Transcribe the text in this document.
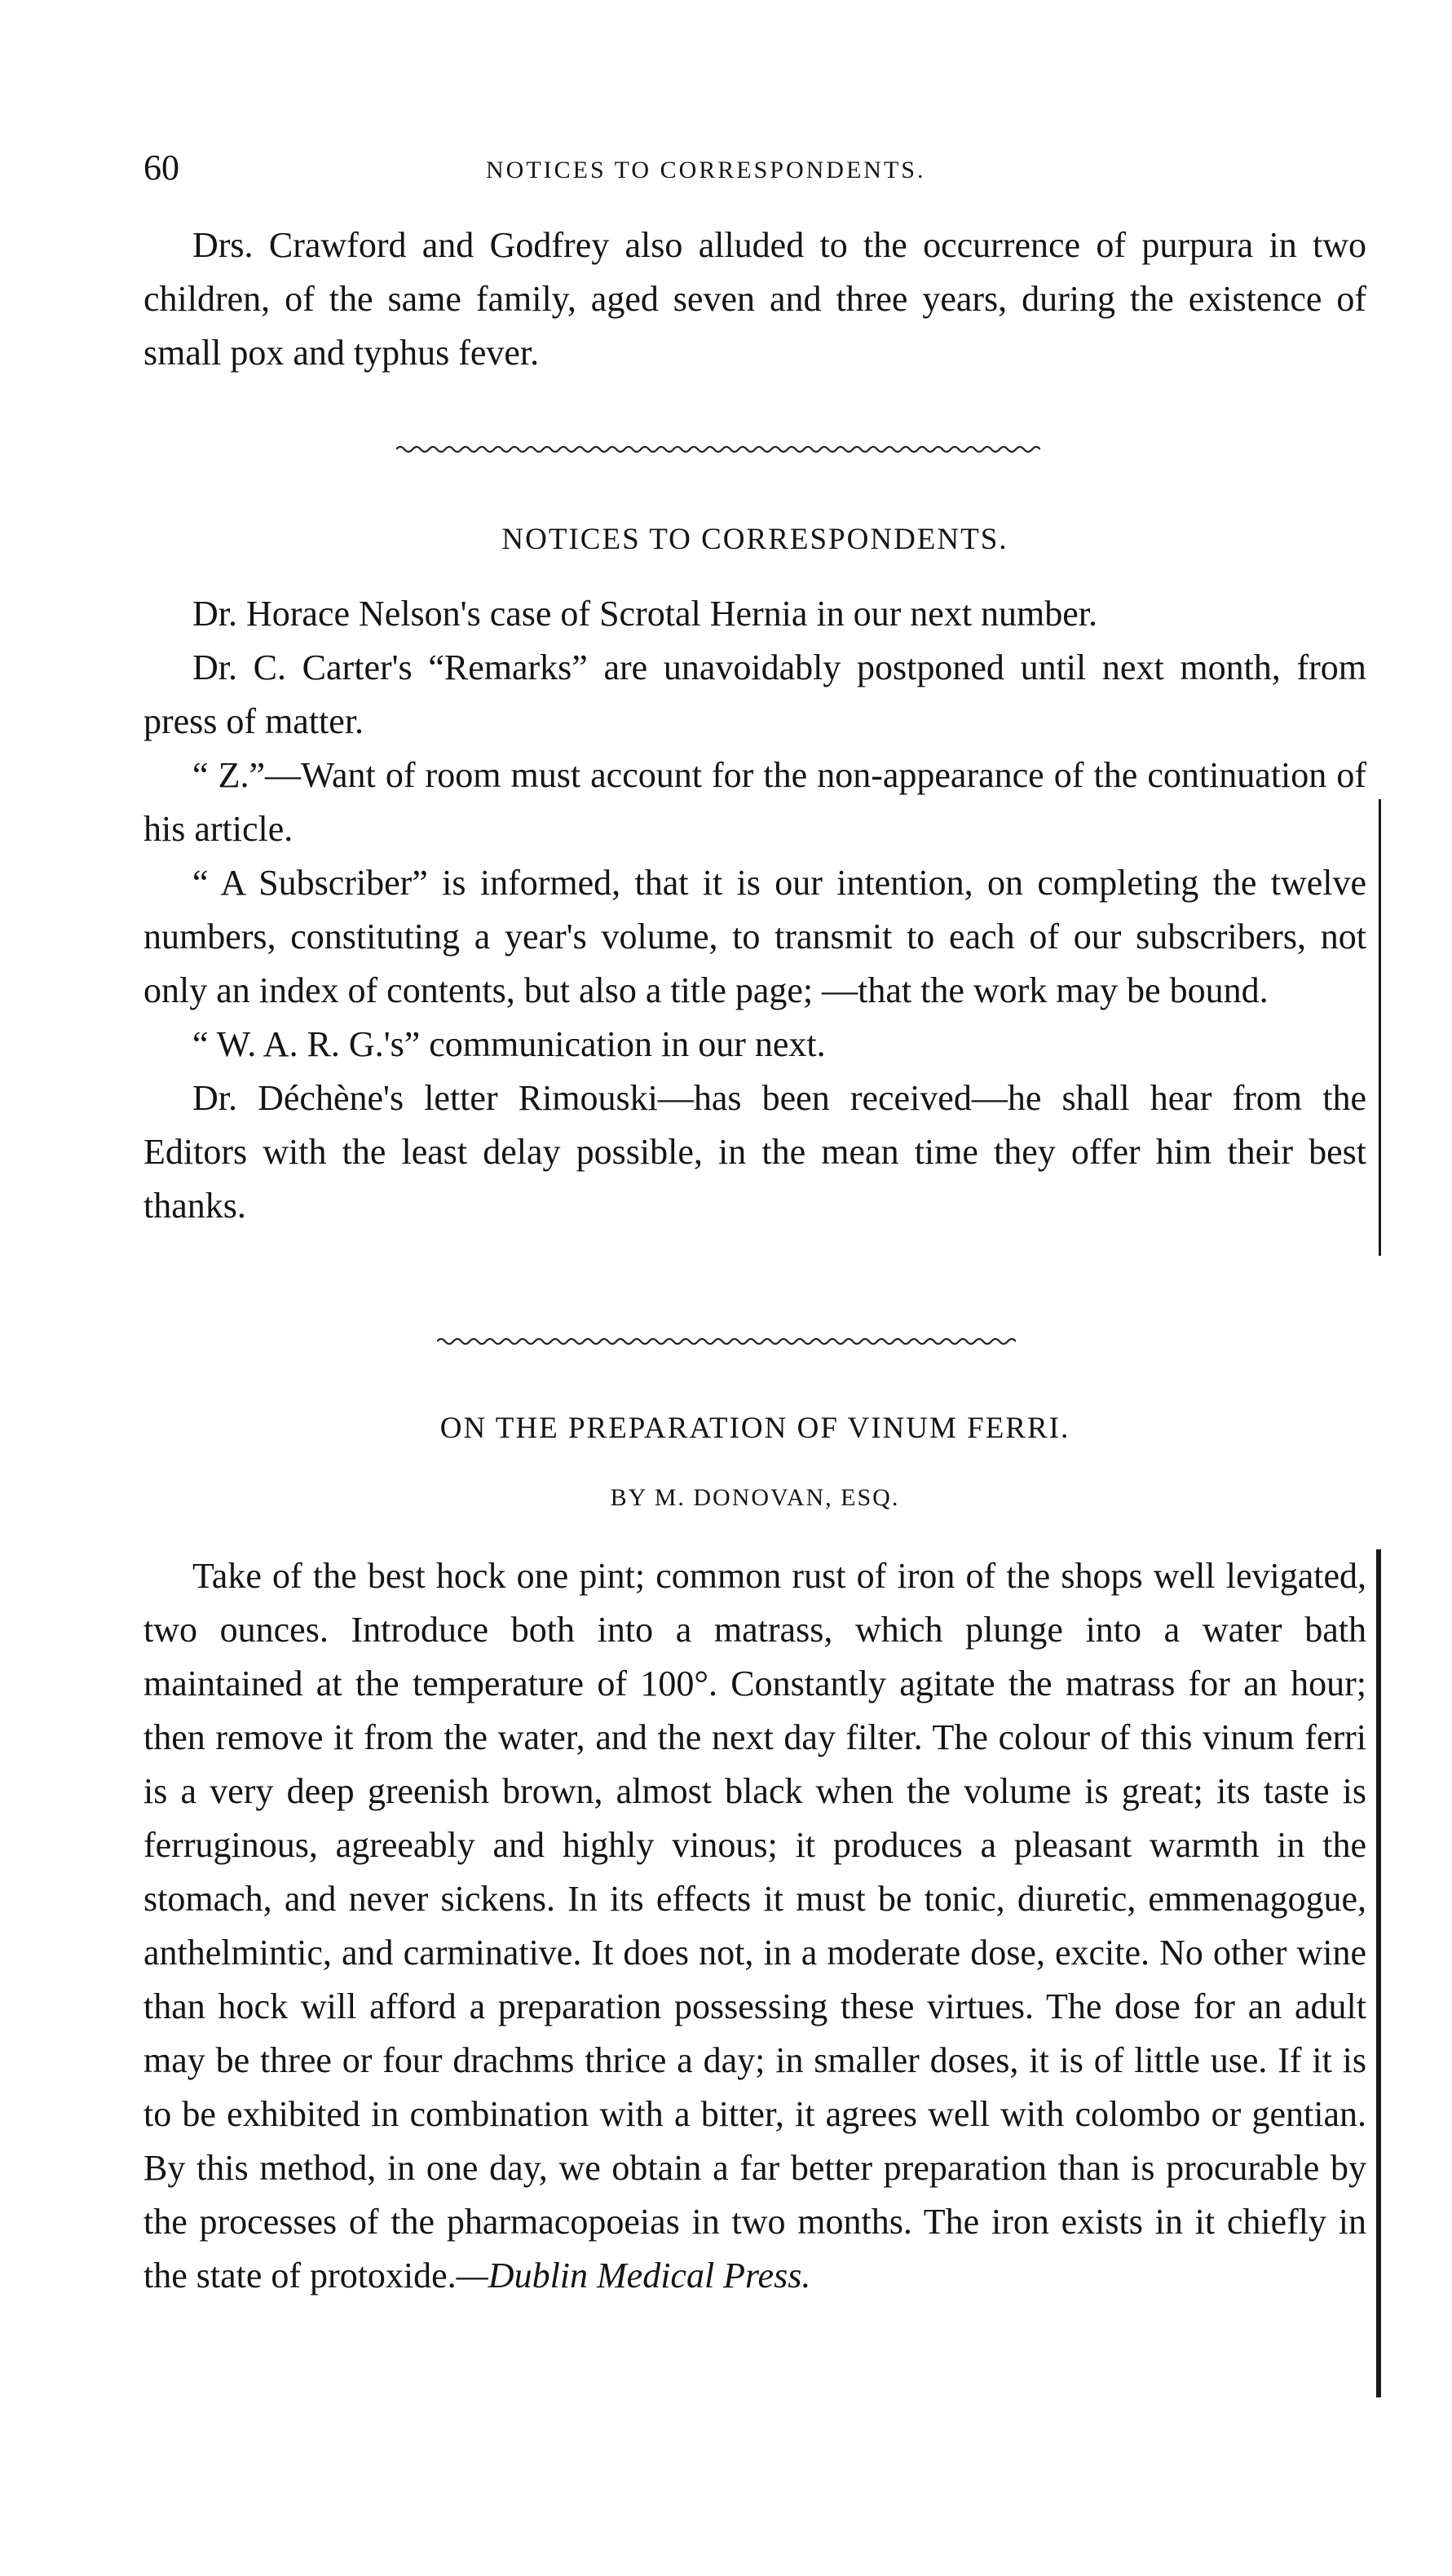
60	NOTICES TO CORRESPONDENTS.

Drs. Crawford and Godfrey also alluded to the occurrence of purpura in two children, of the same family, aged seven and three years, during the existence of small pox and typhus fever.

NOTICES TO CORRESPONDENTS.

Dr. Horace Nelson's case of Scrotal Hernia in our next number.

Dr. C. Carter's “Remarks” are unavoidably postponed until next month, from press of matter.

“ Z.”—Want of room must account for the non-appearance of the continuation of his article.

“ A Subscriber” is informed, that it is our intention, on completing the twelve numbers, constituting a year's volume, to transmit to each of our subscribers, not only an index of contents, but also a title page; —that the work may be bound.

“ W. A. R. G.'s” communication in our next.

Dr. Déchène's letter Rimouski—has been received—he shall hear from the Editors with the least delay possible, in the mean time they offer him their best thanks.

ON THE PREPARATION OF VINUM FERRI.
BY M. DONOVAN, ESQ.

Take of the best hock one pint; common rust of iron of the shops well levigated, two ounces. Introduce both into a matrass, which plunge into a water bath maintained at the temperature of 100°. Constantly agitate the matrass for an hour; then remove it from the water, and the next day filter. The colour of this vinum ferri is a very deep greenish brown, almost black when the volume is great; its taste is ferruginous, agreeably and highly vinous; it produces a pleasant warmth in the stomach, and never sickens. In its effects it must be tonic, diuretic, emmenagogue, anthelmintic, and carminative. It does not, in a moderate dose, excite. No other wine than hock will afford a preparation possessing these virtues. The dose for an adult may be three or four drachms thrice a day; in smaller doses, it is of little use. If it is to be exhibited in combination with a bitter, it agrees well with colombo or gentian. By this method, in one day, we obtain a far better preparation than is procurable by the processes of the pharmacopoeias in two months. The iron exists in it chiefly in the state of protoxide.—Dublin Medical Press.
